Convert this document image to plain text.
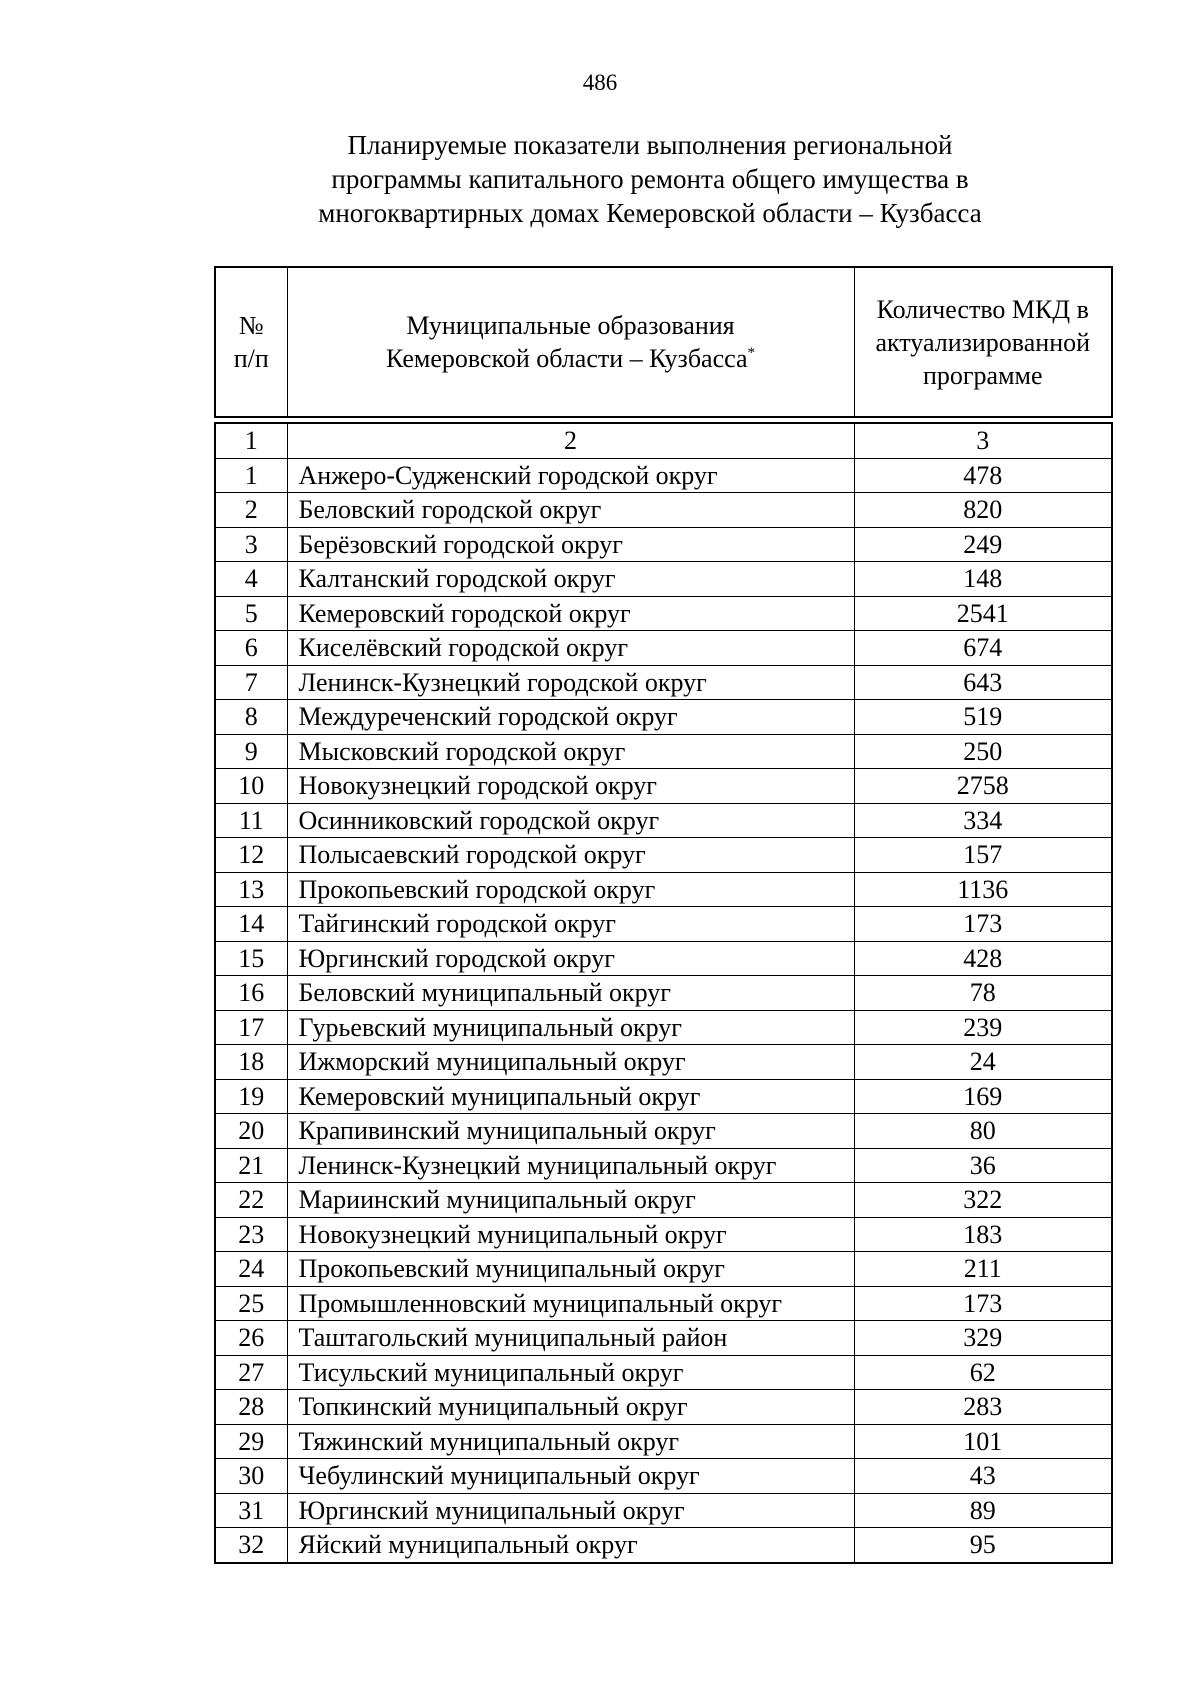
486
Планируемые показатели выполнения региональной
программы капитального ремонта общего имущества в
многоквартирных домах Кемеровской области – Кузбасса
№
п/п

Муниципальные образования
Кемеровской области – Кузбасса*

Количество МКД в
актуализированной
программе
1	2	3
1	Анжеро-Судженский городской округ	478
2	Беловский городской округ	820
3	Берёзовский городской округ	249
4	Калтанский городской округ	148
5	Кемеровский городской округ	2541
6	Киселёвский городской округ	674
7	Ленинск-Кузнецкий городской округ	643
8	Междуреченский городской округ	519
9	Мысковский городской округ	250
10	Новокузнецкий городской округ	2758
11	Осинниковский городской округ	334
12	Полысаевский городской округ	157
13	Прокопьевский городской округ	1136
14	Тайгинский городской округ	173
15	Юргинский городской округ	428
16	Беловский муниципальный округ	78
17	Гурьевский муниципальный округ	239
18	Ижморский муниципальный округ	24
19	Кемеровский муниципальный округ	169
20	Крапивинский муниципальный округ	80
21	Ленинск-Кузнецкий муниципальный округ	36
22	Мариинский муниципальный округ	322
23	Новокузнецкий муниципальный округ	183
24	Прокопьевский муниципальный округ	211
25	Промышленновский муниципальный округ	173
26	Таштагольский муниципальный район	329
27	Тисульский муниципальный округ	62
28	Топкинский муниципальный округ	283
29	Тяжинский муниципальный округ	101
30	Чебулинский муниципальный округ	43
31	Юргинский муниципальный округ	89
32	Яйский муниципальный округ	95
